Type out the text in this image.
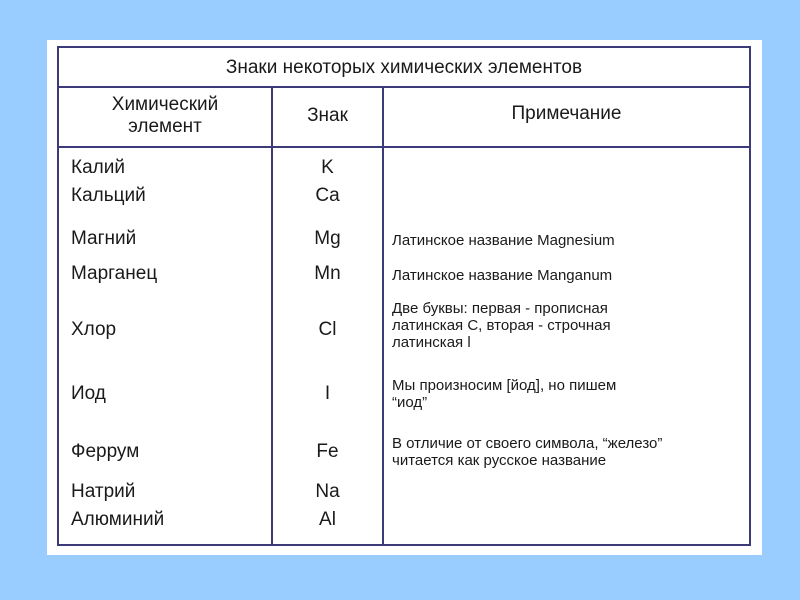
Знаки некоторых химических элементов
Химический
элемент
Знак	Примечание
Калий
Кальций
Магний
Марганец
Хлор
Иод
Феррум
Натрий
Алюминий
K
Ca
Mg
Mn
Cl
I
Fe
Na
Al
Латинское название Magnesium
Латинское название Manganum
Две буквы: первая - прописная
латинская С, вторая - строчная
латинская l
Мы произносим [йод], но пишем
“иод”
В отличие от своего символа, “железо”
читается как русское название
